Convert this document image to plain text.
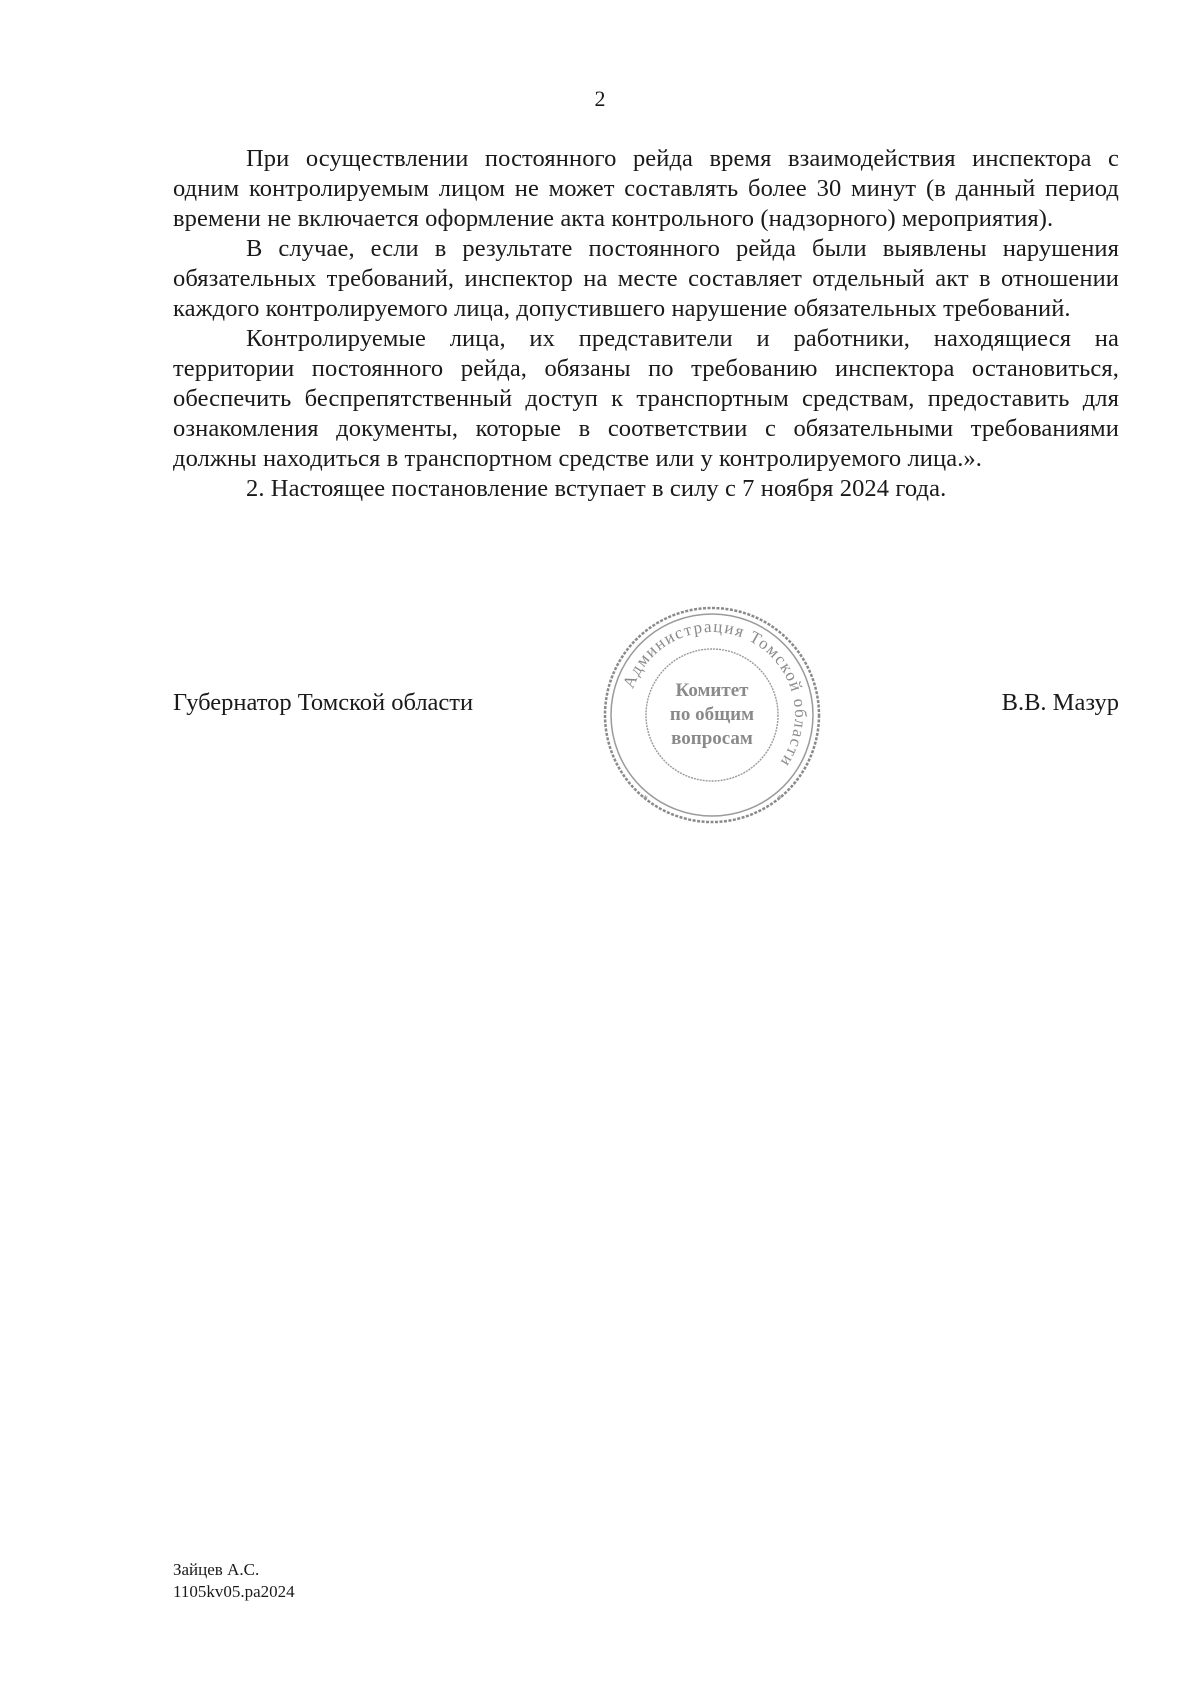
2

При осуществлении постоянного рейда время взаимодействия инспектора с одним контролируемым лицом не может составлять более 30 минут (в данный период времени не включается оформление акта контрольного (надзорного) мероприятия).

В случае, если в результате постоянного рейда были выявлены нарушения обязательных требований, инспектор на месте составляет отдельный акт в отношении каждого контролируемого лица, допустившего нарушение обязательных требований.

Контролируемые лица, их представители и работники, находящиеся на территории постоянного рейда, обязаны по требованию инспектора остановиться, обеспечить беспрепятственный доступ к транспортным средствам, предоставить для ознакомления документы, которые в соответствии с обязательными требованиями должны находиться в транспортном средстве или у контролируемого лица.».

2. Настоящее постановление вступает в силу с 7 ноября 2024 года.

Губернатор Томской области	В.В. Мазур
Администрация Томской области
Комитет
по общим
вопросам
*	*
Зайцев А.С.
1105kv05.pa2024
